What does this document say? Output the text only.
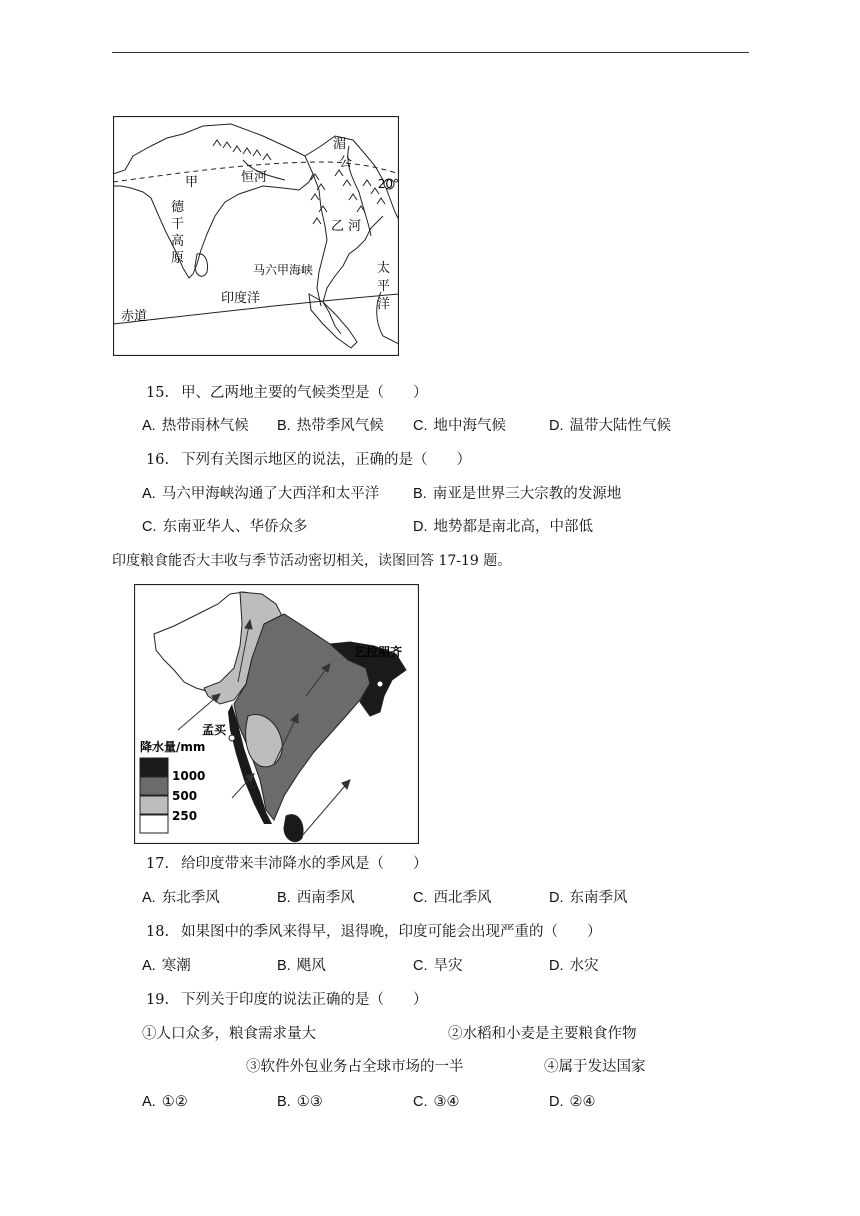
甲	恒河
德
干
高
原
湄
公
乙 河
20°
马六甲海峡
印度洋
太
平
洋
赤道
15. 甲、乙两地主要的气候类型是（　　）
A. 热带雨林气候 B. 热带季风气候 C. 地中海气候	D. 温带大陆性气候
16. 下列有关图示地区的说法，正确的是（　　）
A. 马六甲海峡沟通了大西洋和太平洋 B. 南亚是世界三大宗教的发源地
C. 东南亚华人、华侨众多	D. 地势都是南北高，中部低
印度粮食能否大丰收与季节活动密切相关，读图回答 17-19 题。
乞拉朋齐
孟买
降水量/mm
1000
500
250
17. 给印度带来丰沛降水的季风是（　　）
A. 东北季风	B. 西南季风	C. 西北季风	D. 东南季风
18. 如果图中的季风来得早，退得晚，印度可能会出现严重的（　　）
A. 寒潮	B. 飓风	C. 旱灾	D. 水灾
19. 下列关于印度的说法正确的是（　　）
①人口众多，粮食需求量大	②水稻和小麦是主要粮食作物
③软件外包业务占全球市场的一半	④属于发达国家
A. ①②	B. ①③	C. ③④	D. ②④
